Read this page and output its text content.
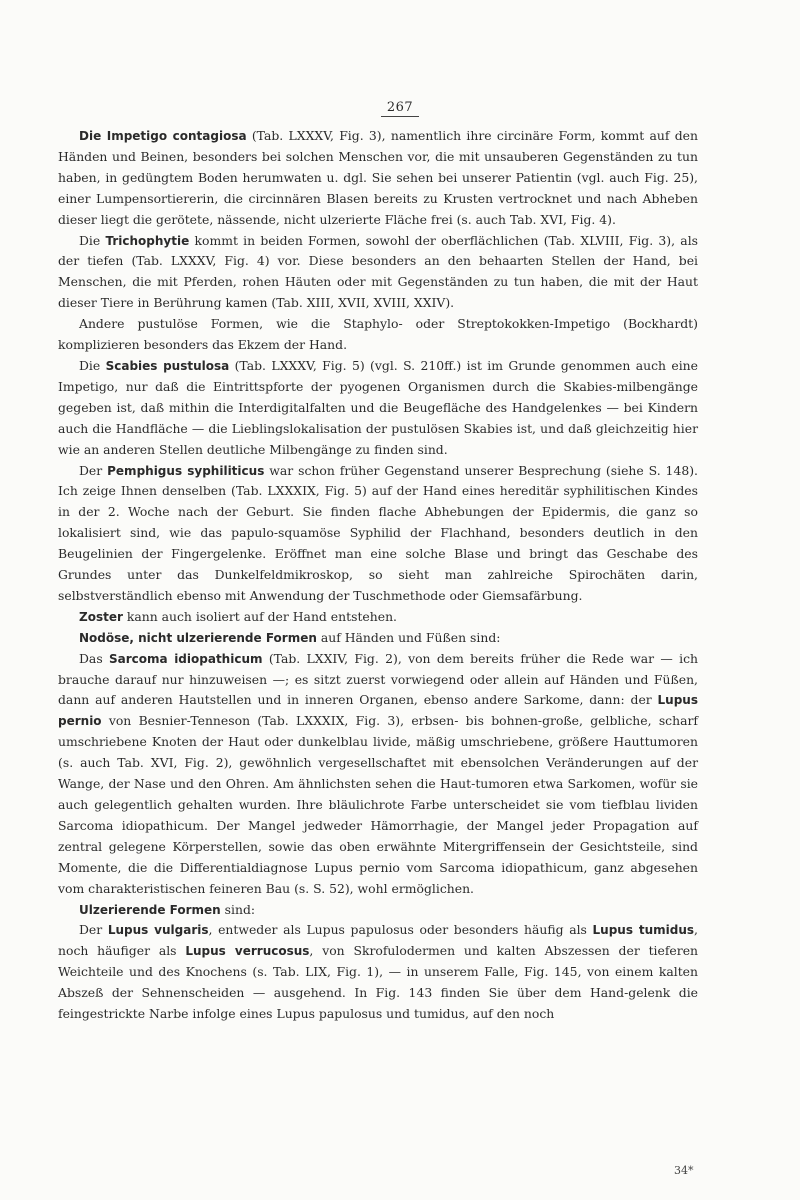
267

Die Impetigo contagiosa (Tab. LXXXV, Fig. 3), namentlich ihre circinäre Form, kommt auf den Händen und Beinen, besonders bei solchen Menschen vor, die mit unsauberen Gegenständen zu tun haben, in gedüngtem Boden herumwaten u. dgl. Sie sehen bei unserer Patientin (vgl. auch Fig. 25), einer Lumpensortiererin, die circinnären Blasen bereits zu Krusten vertrocknet und nach Abheben dieser liegt die gerötete, nässende, nicht ulzerierte Fläche frei (s. auch Tab. XVI, Fig. 4).

Die Trichophytie kommt in beiden Formen, sowohl der oberflächlichen (Tab. XLVIII, Fig. 3), als der tiefen (Tab. LXXXV, Fig. 4) vor. Diese besonders an den behaarten Stellen der Hand, bei Menschen, die mit Pferden, rohen Häuten oder mit Gegenständen zu tun haben, die mit der Haut dieser Tiere in Berührung kamen (Tab. XIII, XVII, XVIII, XXIV).

Andere pustulöse Formen, wie die Staphylo- oder Streptokokken-Impetigo (Bockhardt) komplizieren besonders das Ekzem der Hand.

Die Scabies pustulosa (Tab. LXXXV, Fig. 5) (vgl. S. 210ff.) ist im Grunde genommen auch eine Impetigo, nur daß die Eintrittspforte der pyogenen Organismen durch die Skabies-milbengänge gegeben ist, daß mithin die Interdigitalfalten und die Beugefläche des Handgelenkes — bei Kindern auch die Handfläche — die Lieblingslokalisation der pustulösen Skabies ist, und daß gleichzeitig hier wie an anderen Stellen deutliche Milbengänge zu finden sind.

Der Pemphigus syphiliticus war schon früher Gegenstand unserer Besprechung (siehe S. 148). Ich zeige Ihnen denselben (Tab. LXXXIX, Fig. 5) auf der Hand eines hereditär syphilitischen Kindes in der 2. Woche nach der Geburt. Sie finden flache Abhebungen der Epidermis, die ganz so lokalisiert sind, wie das papulo-squamöse Syphilid der Flachhand, besonders deutlich in den Beugelinien der Fingergelenke. Eröffnet man eine solche Blase und bringt das Geschabe des Grundes unter das Dunkelfeldmikroskop, so sieht man zahlreiche Spirochäten darin, selbstverständlich ebenso mit Anwendung der Tuschmethode oder Giemsafärbung.

Zoster kann auch isoliert auf der Hand entstehen.

Nodöse, nicht ulzerierende Formen auf Händen und Füßen sind:

Das Sarcoma idiopathicum (Tab. LXXIV, Fig. 2), von dem bereits früher die Rede war — ich brauche darauf nur hinzuweisen —; es sitzt zuerst vorwiegend oder allein auf Händen und Füßen, dann auf anderen Hautstellen und in inneren Organen, ebenso andere Sarkome, dann: der Lupus pernio von Besnier-Tenneson (Tab. LXXXIX, Fig. 3), erbsen- bis bohnen-große, gelbliche, scharf umschriebene Knoten der Haut oder dunkelblau livide, mäßig umschriebene, größere Hauttumoren (s. auch Tab. XVI, Fig. 2), gewöhnlich vergesellschaftet mit ebensolchen Veränderungen auf der Wange, der Nase und den Ohren. Am ähnlichsten sehen die Haut-tumoren etwa Sarkomen, wofür sie auch gelegentlich gehalten wurden. Ihre bläulichrote Farbe unterscheidet sie vom tiefblau lividen Sarcoma idiopathicum. Der Mangel jedweder Hämorrhagie, der Mangel jeder Propagation auf zentral gelegene Körperstellen, sowie das oben erwähnte Mitergriffensein der Gesichtsteile, sind Momente, die die Differentialdiagnose Lupus pernio vom Sarcoma idiopathicum, ganz abgesehen vom charakteristischen feineren Bau (s. S. 52), wohl ermöglichen.

Ulzerierende Formen sind:

Der Lupus vulgaris, entweder als Lupus papulosus oder besonders häufig als Lupus tumidus, noch häufiger als Lupus verrucosus, von Skrofulodermen und kalten Abszessen der tieferen Weichteile und des Knochens (s. Tab. LIX, Fig. 1), — in unserem Falle, Fig. 145, von einem kalten Abszeß der Sehnenscheiden — ausgehend. In Fig. 143 finden Sie über dem Hand-gelenk die feingestrickte Narbe infolge eines Lupus papulosus und tumidus, auf den noch

34*
